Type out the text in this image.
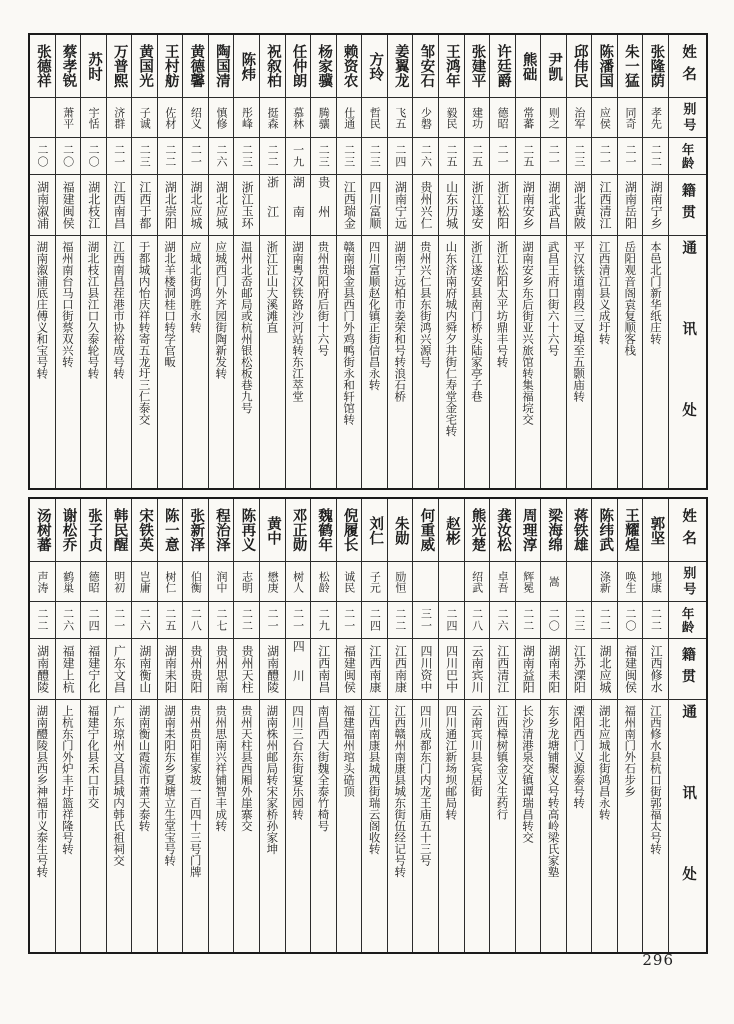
姓名
别号
年龄
籍贯
通讯处
张隆荫
孝先
二二
湖南宁乡
本邑北门新华纸庄转
朱一猛
同奇
二一
湖南岳阳
岳阳观音阁袁复顺客栈
陈潘国
应侯
二一
江西清江
江西清江县义成圩转
邱伟民
治军
二三
湖北黄陂
平汉铁道南段三叉埠至五颢庙转
尹凯
则之
二一
湖北武昌
武昌王府口街六十六号
熊础
常蕃
二五
湖南安乡
湖南安乡东后街亚兴旅馆转集福垸交
许廷爵
德昭
二一
浙江松阳
浙江松阳太平坊鼎丰号转
张建平
建功
二五
浙江遂安
浙江遂安县南门桥头陆家亭子巷
王鸿年
毅民
二五
山东历城
山东济南府城内舜夕井街仁寿堂金宅转
邹安石
少磐
二六
贵州兴仁
贵州兴仁县东街鸿兴源号
姜翼龙
飞五
二四
湖南宁远
湖南宁远柏市姜荣和号转浪石桥
方玲
哲民
二三
四川富顺
四川富顺赵化镇正街信昌永转
赖资农
仕通
二三
江西瑞金
赣南瑞金县西门外鸡鸭街永和轩馆转
杨家骥
腾骧
二三
贵州
贵州贵阳府后街十六号
任仲朗
慕林
一九
湖南
湖南粤汉铁路沙河站转东江萃堂
祝叙柏
挺森
二二
浙江
浙江江山大溪滩直
陈炜
彤峰
二三
浙江玉环
温州北岙邮局或杭州银松板巷九号
陶国清
慎修
二六
湖北应城
应城西门外齐园街陶新发转
黄德馨
绍义
二一
湖北应城
应城北街鸿胜永转
王村舫
佐材
二二
湖北崇阳
湖北羊楼洞桂口转学官畈
黄国光
子诚
二三
江西于都
于都城内怡庆祥转寄五龙圩三仁泰交
万普熙
济群
二一
江西南昌
江西南昌茬港市协裕成号转
苏时
宇恬
二〇
湖北枝江
湖北枝江县江口久泰轮号转
蔡孝锐
萧平
二〇
福建闽侯
福州南台马口街蔡双兴转
张德祥
二〇
湖南溆浦
湖南溆浦底庄傅义和宝号转
姓名
别号
年龄
籍贯
通讯处
郭坚
地康
二二
江西修水
江西修水县杭口街郭福太号转
王耀煌
唤生
二〇
福建闽侯
福州南门外石步乡
陈纬武
涤新
二二
湖北应城
湖北应城北街鸿昌永转
蒋铁雄
二三
江苏溧阳
溧阳西门义源泰号转
梁海绵
嵩
二〇
湖南耒阳
东乡龙塘铺聚义号转高岭梁氏家塾
周理淳
辉冕
二二
湖南益阳
长沙清港泉交镇谭瑞昌转交
龚汝松
卓吾
二六
江西清江
江西樟树镇金义生药行
熊光楚
绍武
二八
云南宾川
云南宾川县宾居街
赵彬
二四
四川巴中
四川通江新场坝邮局转
何重威
三一
四川资中
四川成都东门内龙王庙五十三号
朱勋
励恒
二二
江西南康
江西赣州南康县城东街伍经记号转
刘仁
子元
二四
江西南康
江西南康县城西街瑞云阁收转
倪履长
诚民
二一
福建闽侯
福建福州琯头硞顶
魏鹤年
松龄
二九
江西南昌
南昌西大街魏全泰竹椅号
邓正勋
树人
二一
四川
四川三台东街宴乐园转
黄中
懋庚
二一
湖南醴陵
湖南株州邮局转宋家桥孙家坤
陈再义
志明
二二
贵州天柱
贵州天柱县西厢外崖寨交
程治泽
润中
二七
贵州思南
贵州思南兴祥铺智丰成转
张新泽
伯衡
二八
贵州贵阳
贵州贵阳崔家坡一百四十三号门牌
陈一意
树仁
二五
湖南耒阳
湖南耒阳东乡夏塘立生堂宝号转
宋铁英
岂庸
二六
湖南衡山
湖南衡山霞流市萧天泰转
韩民醒
明初
二一
广东文昌
广东琼州文昌县城内韩氏祖祠交
张子贞
德昭
二四
福建宁化
福建宁化县禾口市交
谢松乔
鹤巢
二六
福建上杭
上杭东门外炉丰圩篮祥隆号转
汤树蕃
声涛
二二
湖南醴陵
湖南醴陵县西乡神福市义泰生号转
296
